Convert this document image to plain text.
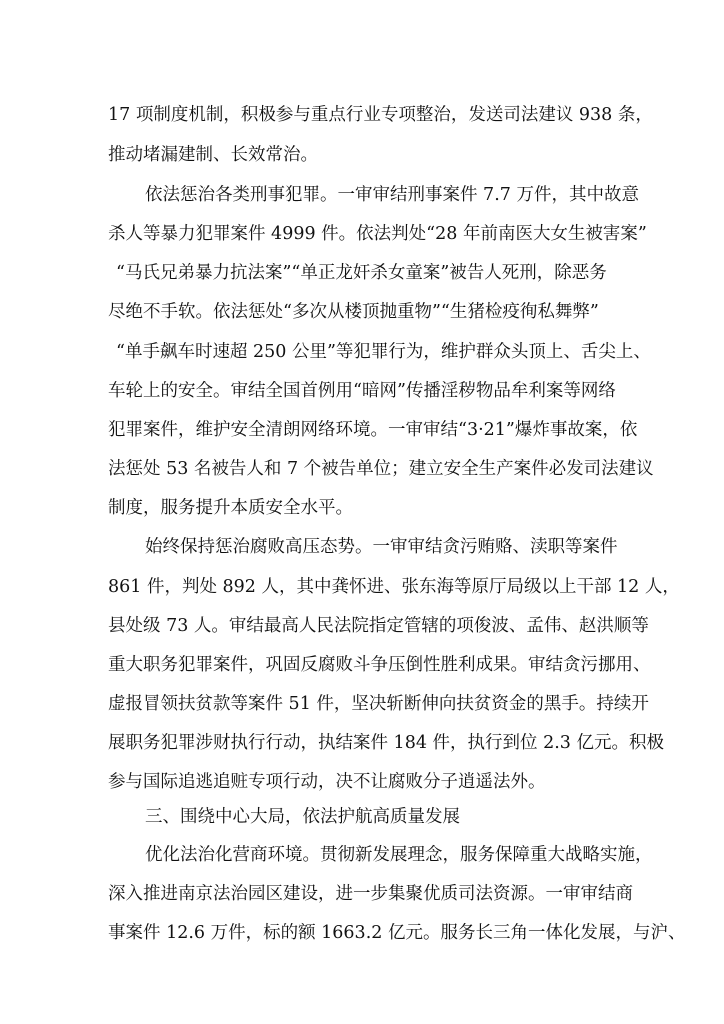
17 项制度机制，积极参与重点行业专项整治，发送司法建议 938 条，
推动堵漏建制、长效常治。
依法惩治各类刑事犯罪。一审审结刑事案件 7.7 万件，其中故意
杀人等暴力犯罪案件 4999 件。依法判处“28 年前南医大女生被害案”
“马氏兄弟暴力抗法案”“单正龙奸杀女童案”被告人死刑，除恶务
尽绝不手软。依法惩处“多次从楼顶抛重物”“生猪检疫徇私舞弊”
“单手飙车时速超 250 公里”等犯罪行为，维护群众头顶上、舌尖上、
车轮上的安全。审结全国首例用“暗网”传播淫秽物品牟利案等网络
犯罪案件，维护安全清朗网络环境。一审审结“3·21”爆炸事故案，依
法惩处 53 名被告人和 7 个被告单位；建立安全生产案件必发司法建议
制度，服务提升本质安全水平。
始终保持惩治腐败高压态势。一审审结贪污贿赂、渎职等案件
861 件，判处 892 人，其中龚怀进、张东海等原厅局级以上干部 12 人，
县处级 73 人。审结最高人民法院指定管辖的项俊波、孟伟、赵洪顺等
重大职务犯罪案件，巩固反腐败斗争压倒性胜利成果。审结贪污挪用、
虚报冒领扶贫款等案件 51 件，坚决斩断伸向扶贫资金的黑手。持续开
展职务犯罪涉财执行行动，执结案件 184 件，执行到位 2.3 亿元。积极
参与国际追逃追赃专项行动，决不让腐败分子逍遥法外。
三、围绕中心大局，依法护航高质量发展
优化法治化营商环境。贯彻新发展理念，服务保障重大战略实施，
深入推进南京法治园区建设，进一步集聚优质司法资源。一审审结商
事案件 12.6 万件，标的额 1663.2 亿元。服务长三角一体化发展，与沪、
